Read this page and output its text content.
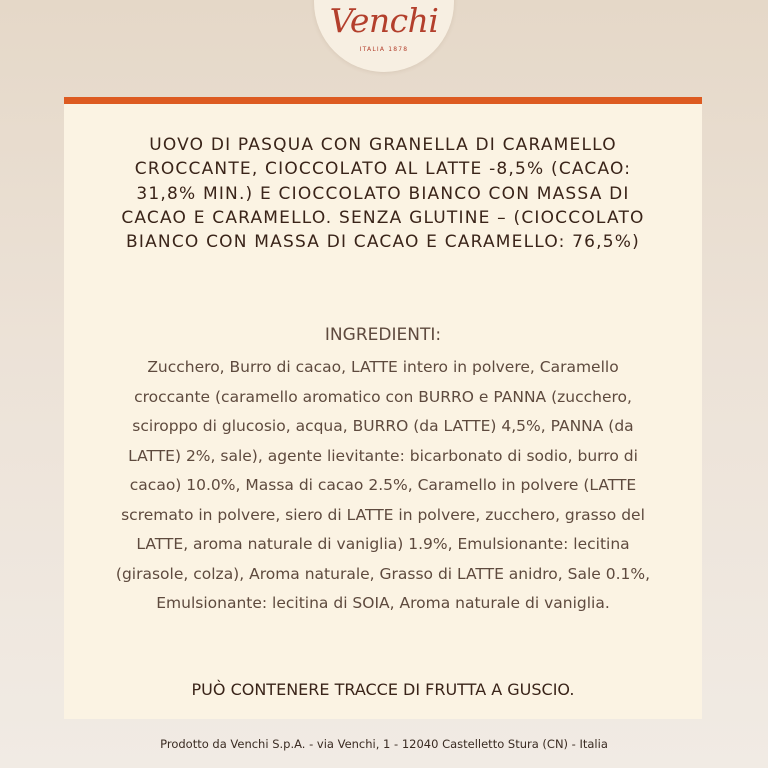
Venchi
ITALIA 1878
UOVO DI PASQUA CON GRANELLA DI CARAMELLO CROCCANTE, CIOCCOLATO AL LATTE -8,5% (CACAO: 31,8% MIN.) E CIOCCOLATO BIANCO CON MASSA DI CACAO E CARAMELLO. SENZA GLUTINE – (CIOCCOLATO BIANCO CON MASSA DI CACAO E CARAMELLO: 76,5%)
INGREDIENTI:

Zucchero, Burro di cacao, LATTE intero in polvere, Caramello croccante (caramello aromatico con BURRO e PANNA (zucchero, sciroppo di glucosio, acqua, BURRO (da LATTE) 4,5%, PANNA (da LATTE) 2%, sale), agente lievitante: bicarbonato di sodio, burro di cacao) 10.0%, Massa di cacao 2.5%, Caramello in polvere (LATTE scremato in polvere, siero di LATTE in polvere, zucchero, grasso del LATTE, aroma naturale di vaniglia) 1.9%, Emulsionante: lecitina (girasole, colza), Aroma naturale, Grasso di LATTE anidro, Sale 0.1%, Emulsionante: lecitina di SOIA, Aroma naturale di vaniglia.

PUÒ CONTENERE TRACCE DI FRUTTA A GUSCIO.

Prodotto da Venchi S.p.A. - via Venchi, 1 - 12040 Castelletto Stura (CN) - Italia
